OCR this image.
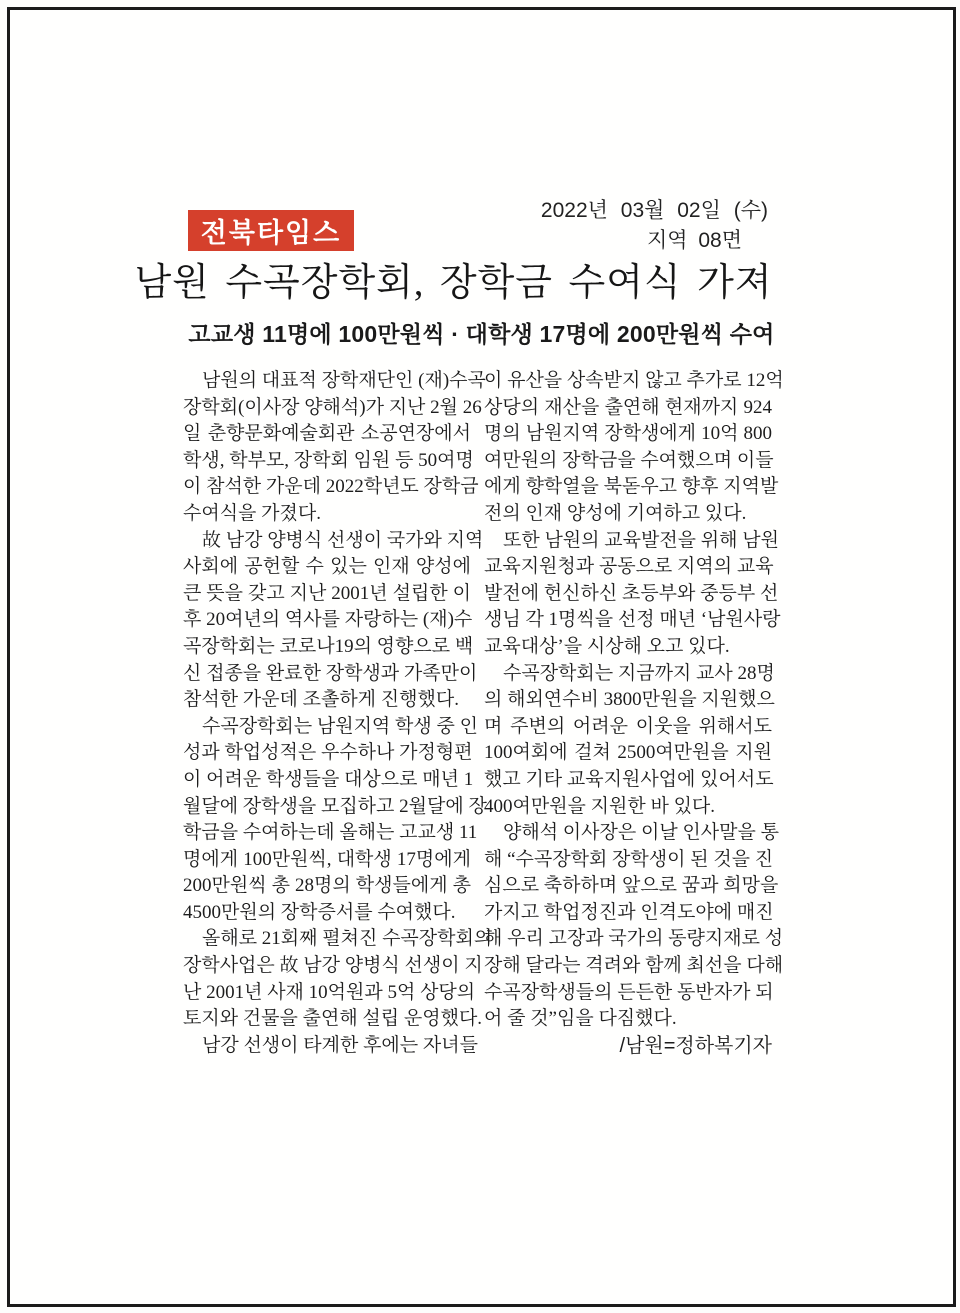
2022년 03월 02일 (수)
지역 08면
전북타임스
남원 수곡장학회, 장학금 수여식 가져
고교생 11명에 100만원씩 · 대학생 17명에 200만원씩 수여
남원의 대표적 장학재단인 (재)수곡
장학회(이사장 양해석)가 지난 2월 26
일 춘향문화예술회관 소공연장에서
학생, 학부모, 장학회 임원 등 50여명
이 참석한 가운데 2022학년도 장학금
수여식을 가졌다.
故 남강 양병식 선생이 국가와 지역
사회에 공헌할 수 있는 인재 양성에
큰 뜻을 갖고 지난 2001년 설립한 이
후 20여년의 역사를 자랑하는 (재)수
곡장학회는 코로나19의 영향으로 백
신 접종을 완료한 장학생과 가족만이
참석한 가운데 조촐하게 진행했다.
수곡장학회는 남원지역 학생 중 인
성과 학업성적은 우수하나 가정형편
이 어려운 학생들을 대상으로 매년 1
월달에 장학생을 모집하고 2월달에 장
학금을 수여하는데 올해는 고교생 11
명에게 100만원씩, 대학생 17명에게
200만원씩 총 28명의 학생들에게 총
4500만원의 장학증서를 수여했다.
올해로 21회째 펼쳐진 수곡장학회의
장학사업은 故 남강 양병식 선생이 지
난 2001년 사재 10억원과 5억 상당의
토지와 건물을 출연해 설립 운영했다.
남강 선생이 타계한 후에는 자녀들
이 유산을 상속받지 않고 추가로 12억
상당의 재산을 출연해 현재까지 924
명의 남원지역 장학생에게 10억 800
여만원의 장학금을 수여했으며 이들
에게 향학열을 북돋우고 향후 지역발
전의 인재 양성에 기여하고 있다.
또한 남원의 교육발전을 위해 남원
교육지원청과 공동으로 지역의 교육
발전에 헌신하신 초등부와 중등부 선
생님 각 1명씩을 선정 매년 ‘남원사랑
교육대상’을 시상해 오고 있다.
수곡장학회는 지금까지 교사 28명
의 해외연수비 3800만원을 지원했으
며 주변의 어려운 이웃을 위해서도
100여회에 걸쳐 2500여만원을 지원
했고 기타 교육지원사업에 있어서도
400여만원을 지원한 바 있다.
양해석 이사장은 이날 인사말을 통
해 “수곡장학회 장학생이 된 것을 진
심으로 축하하며 앞으로 꿈과 희망을
가지고 학업정진과 인격도야에 매진
해 우리 고장과 국가의 동량지재로 성
장해 달라는 격려와 함께 최선을 다해
수곡장학생들의 든든한 동반자가 되
어 줄 것”임을 다짐했다.
/남원=정하복기자
